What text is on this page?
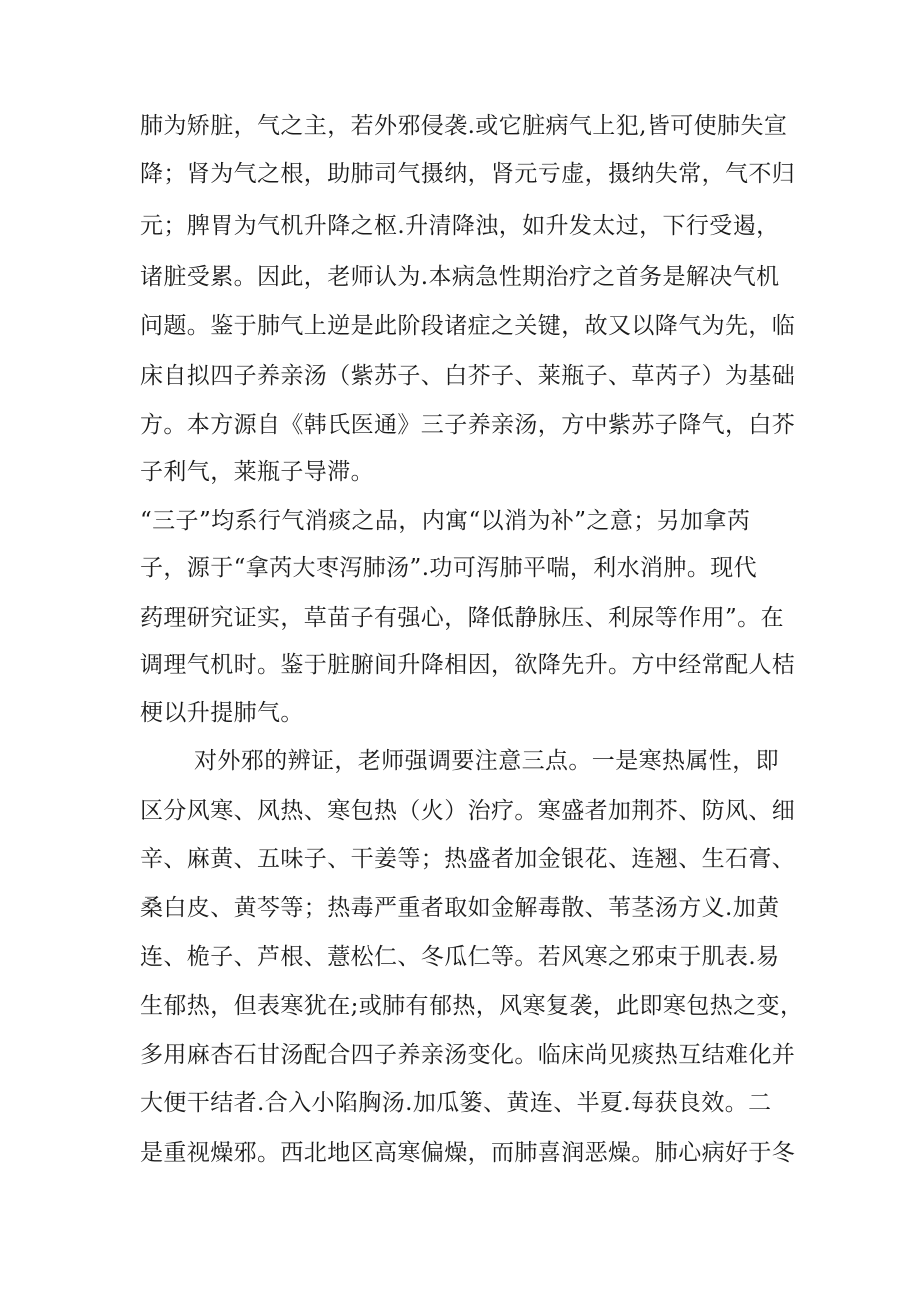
肺为矫脏，气之主，若外邪侵袭.或它脏病气上犯,皆可使肺失宣
降；肾为气之根，助肺司气摄纳，肾元亏虚，摄纳失常，气不归
元；脾胃为气机升降之枢.升清降浊，如升发太过，下行受遏，
诸脏受累。因此，老师认为.本病急性期治疗之首务是解决气机
问题。鉴于肺气上逆是此阶段诸症之关键，故又以降气为先，临
床自拟四子养亲汤（紫苏子、白芥子、莱瓶子、草芮子）为基础
方。本方源自《韩氏医通》三子养亲汤，方中紫苏子降气，白芥
子利气，莱瓶子导滞。
“三子”均系行气消痰之品，内寓“以消为补”之意；另加拿芮
子，源于“拿芮大枣泻肺汤”.功可泻肺平喘，利水消肿。现代
药理研究证实，草苗子有强心，降低静脉压、利尿等作用”。在
调理气机时。鉴于脏腑间升降相因，欲降先升。方中经常配人桔
梗以升提肺气。
对外邪的辨证，老师强调要注意三点。一是寒热属性，即
区分风寒、风热、寒包热（火）治疗。寒盛者加荆芥、防风、细
辛、麻黄、五味子、干姜等；热盛者加金银花、连翘、生石膏、
桑白皮、黄芩等；热毒严重者取如金解毒散、苇茎汤方义.加黄
连、桅子、芦根、薏松仁、冬瓜仁等。若风寒之邪束于肌表.易
生郁热，但表寒犹在;或肺有郁热，风寒复袭，此即寒包热之变，
多用麻杏石甘汤配合四子养亲汤变化。临床尚见痰热互结难化并
大便干结者.合入小陷胸汤.加瓜篓、黄连、半夏.每获良效。二
是重视燥邪。西北地区高寒偏燥，而肺喜润恶燥。肺心病好于冬
